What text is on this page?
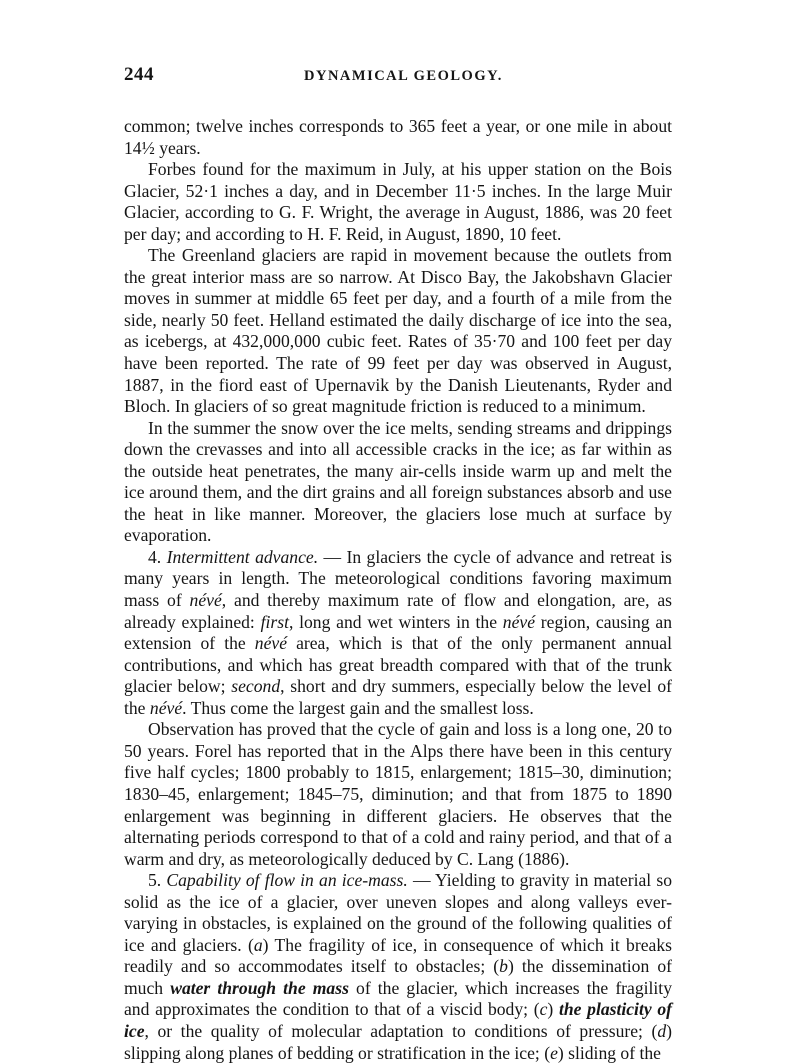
244	DYNAMICAL GEOLOGY.

common; twelve inches corresponds to 365 feet a year, or one mile in about 14½ years.

Forbes found for the maximum in July, at his upper station on the Bois Glacier, 52·1 inches a day, and in December 11·5 inches. In the large Muir Glacier, according to G. F. Wright, the average in August, 1886, was 20 feet per day; and according to H. F. Reid, in August, 1890, 10 feet.

The Greenland glaciers are rapid in movement because the outlets from the great interior mass are so narrow. At Disco Bay, the Jakobshavn Glacier moves in summer at middle 65 feet per day, and a fourth of a mile from the side, nearly 50 feet. Helland estimated the daily discharge of ice into the sea, as icebergs, at 432,000,000 cubic feet. Rates of 35·70 and 100 feet per day have been reported. The rate of 99 feet per day was observed in August, 1887, in the fiord east of Upernavik by the Danish Lieutenants, Ryder and Bloch. In glaciers of so great magnitude friction is reduced to a minimum.

In the summer the snow over the ice melts, sending streams and drippings down the crevasses and into all accessible cracks in the ice; as far within as the outside heat penetrates, the many air-cells inside warm up and melt the ice around them, and the dirt grains and all foreign substances absorb and use the heat in like manner. Moreover, the glaciers lose much at surface by evaporation.

4. Intermittent advance. — In glaciers the cycle of advance and retreat is many years in length. The meteorological conditions favoring maximum mass of névé, and thereby maximum rate of flow and elongation, are, as already explained: first, long and wet winters in the névé region, causing an extension of the névé area, which is that of the only permanent annual contributions, and which has great breadth compared with that of the trunk glacier below; second, short and dry summers, especially below the level of the névé. Thus come the largest gain and the smallest loss.

Observation has proved that the cycle of gain and loss is a long one, 20 to 50 years. Forel has reported that in the Alps there have been in this century five half cycles; 1800 probably to 1815, enlargement; 1815–30, diminution; 1830–45, enlargement; 1845–75, diminution; and that from 1875 to 1890 enlargement was beginning in different glaciers. He observes that the alternating periods correspond to that of a cold and rainy period, and that of a warm and dry, as meteorologically deduced by C. Lang (1886).

5. Capability of flow in an ice-mass. — Yielding to gravity in material so solid as the ice of a glacier, over uneven slopes and along valleys ever-varying in obstacles, is explained on the ground of the following qualities of ice and glaciers. (a) The fragility of ice, in consequence of which it breaks readily and so accommodates itself to obstacles; (b) the dissemination of much water through the mass of the glacier, which increases the fragility and approximates the condition to that of a viscid body; (c) the plasticity of ice, or the quality of molecular adaptation to conditions of pressure; (d) slipping along planes of bedding or stratification in the ice; (e) sliding of the
